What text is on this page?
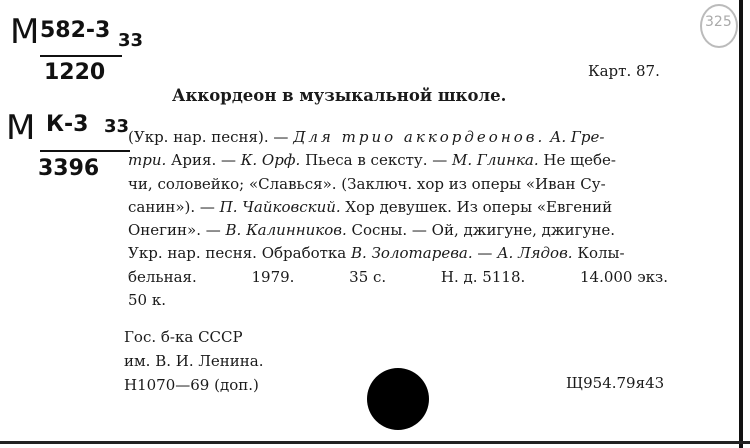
325
М 582-3 33
1220
М К-3 33
3396
Карт. 87.
Аккордеон в музыкальной школе.
(Укр. нар. песня). — Для трио аккордеонов. А. Гре-
три. Ария. — К. Орф. Пьеса в сексту. — М. Глинка. Не щебе-
чи, соловейко; «Славься». (Заключ. хор из оперы «Иван Су-
санин»). — П. Чайковский. Хор девушек. Из оперы «Евгений
Онегин». — В. Калинников. Сосны. — Ой, джигуне, джигуне.
Укр. нар. песня. Обработка В. Золотарева. — А. Лядов. Колы-
бельная.	1979.	35 с.	Н. д. 5118.	14.000 экз.
50 к.
Гос. б-ка СССР
им. В. И. Ленина.
Н1070—69 (доп.)	Щ954.79я43
